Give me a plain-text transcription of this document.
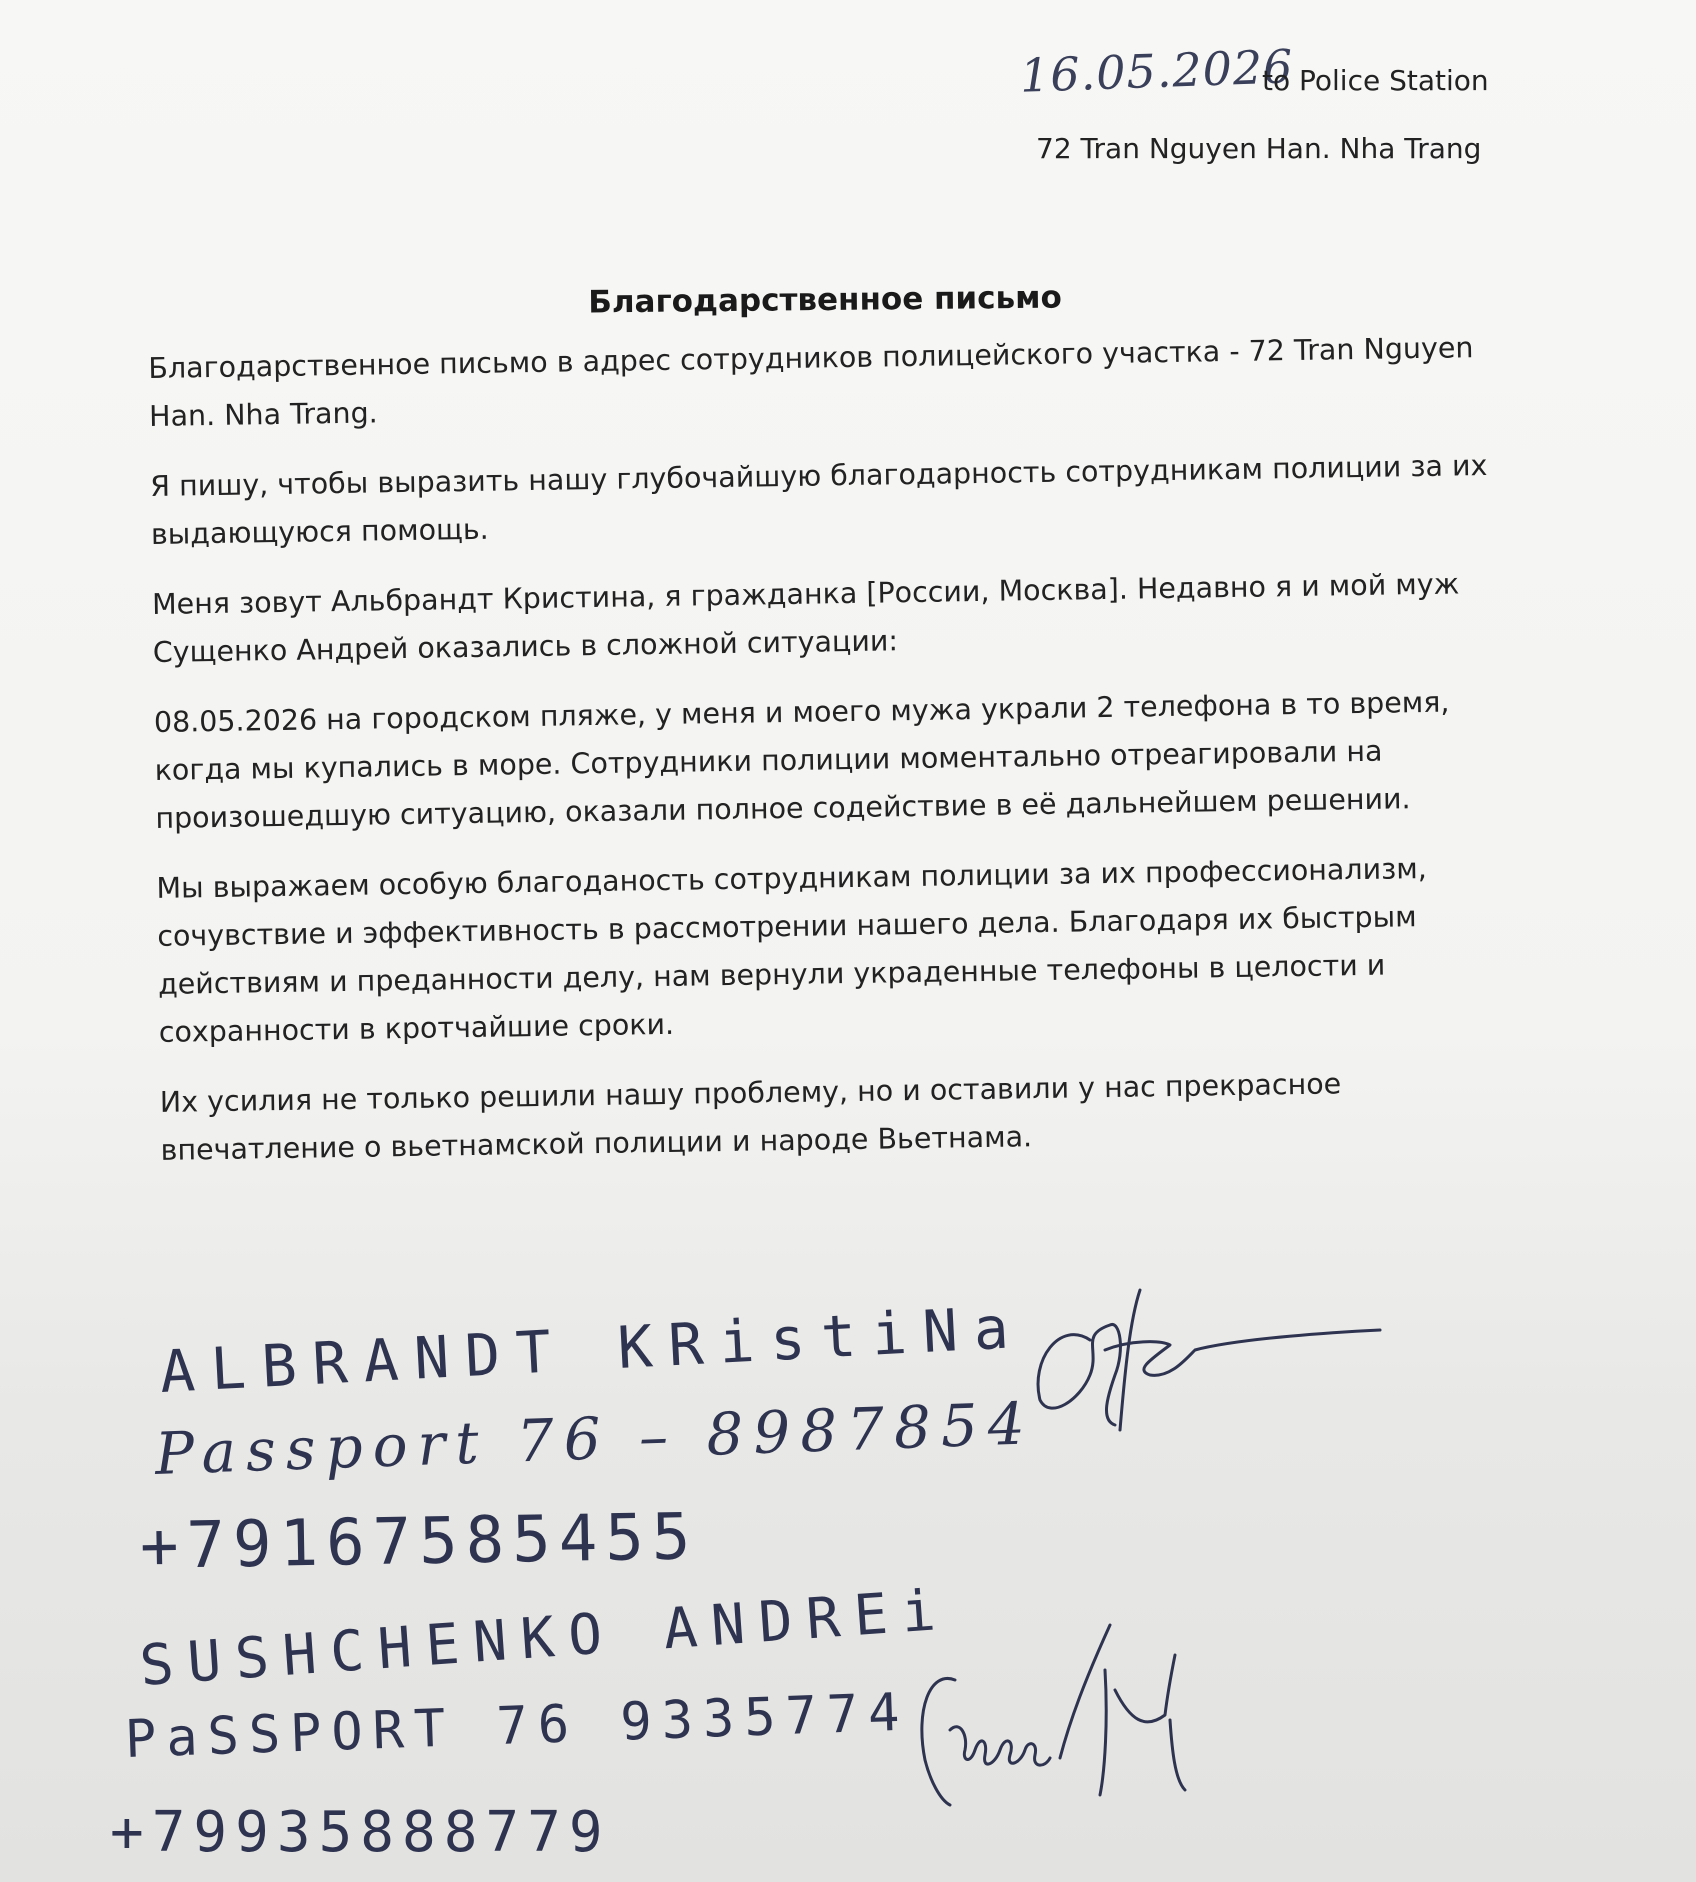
16.05.2026
to Police Station
72 Tran Nguyen Han. Nha Trang
Благодарственное письмо

Благодарственное письмо в адрес сотрудников полицейского участка - 72 Tran Nguyen Han. Nha Trang.

Я пишу, чтобы выразить нашу глубочайшую благодарность сотрудникам полиции за их выдающуюся помощь.

Меня зовут Альбрандт Кристина, я гражданка [России, Москва]. Недавно я и мой муж Сущенко Андрей оказались в сложной ситуации:

08.05.2026 на городском пляже, у меня и моего мужа украли 2 телефона в то время, когда мы купались в море. Сотрудники полиции моментально отреагировали на произошедшую ситуацию, оказали полное содействие в её дальнейшем решении.

Мы выражаем особую благоданость сотрудникам полиции за их профессионализм, сочувствие и эффективность в рассмотрении нашего дела. Благодаря их быстрым действиям и преданности делу, нам вернули украденные телефоны в целости и сохранности в кротчайшие сроки.

Их усилия не только решили нашу проблему, но и оставили у нас прекрасное впечатление о вьетнамской полиции и народе Вьетнама.

ALBRANDT KRistiNa
Passport 76 – 8987854
+79167585455
SUSHCHENKO ANDREi
PaSSPORT 76 9335774
+79935888779
